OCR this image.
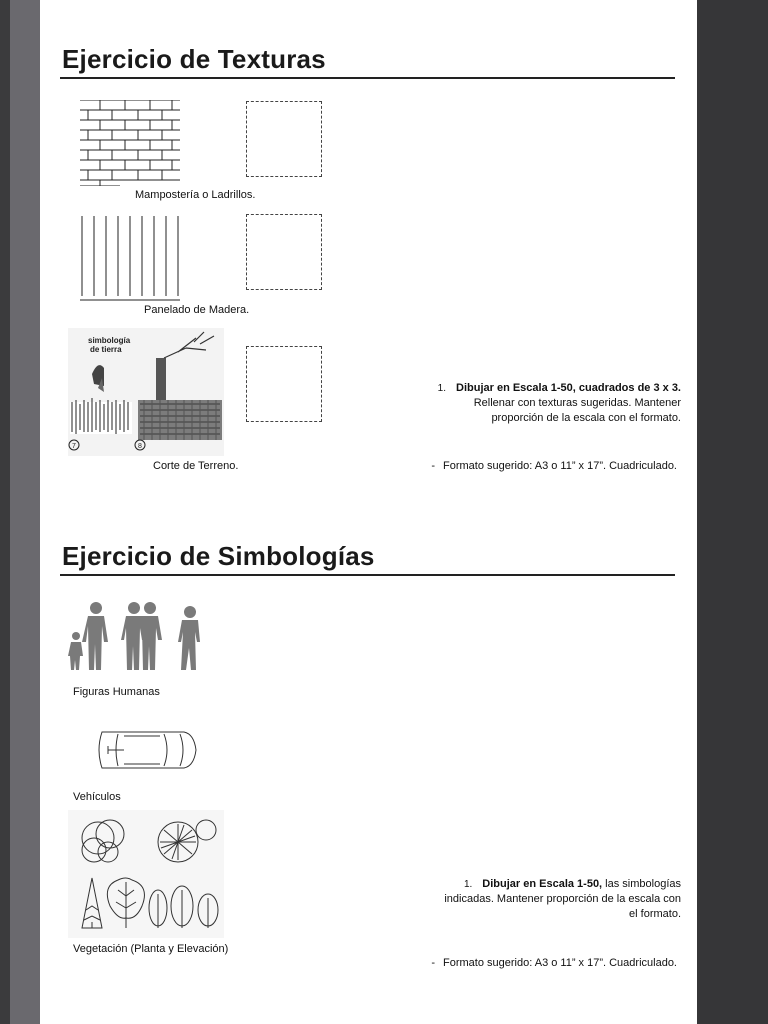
Ejercicio de Texturas
Mampostería o Ladrillos.
Panelado de Madera.
simbología
de tierra
7	8
Corte de Terreno.
1. Dibujar en Escala 1-50, cuadrados de 3 x 3.
Rellenar con texturas sugeridas. Mantener
proporción de la escala con el formato.
- Formato sugerido: A3 o 11” x 17”. Cuadriculado.
Ejercicio de Simbologías
Figuras Humanas
Vehículos
Vegetación (Planta y Elevación)
1. Dibujar en Escala 1-50, las simbologías
indicadas. Mantener proporción de la escala con
el formato.
- Formato sugerido: A3 o 11” x 17”. Cuadriculado.
